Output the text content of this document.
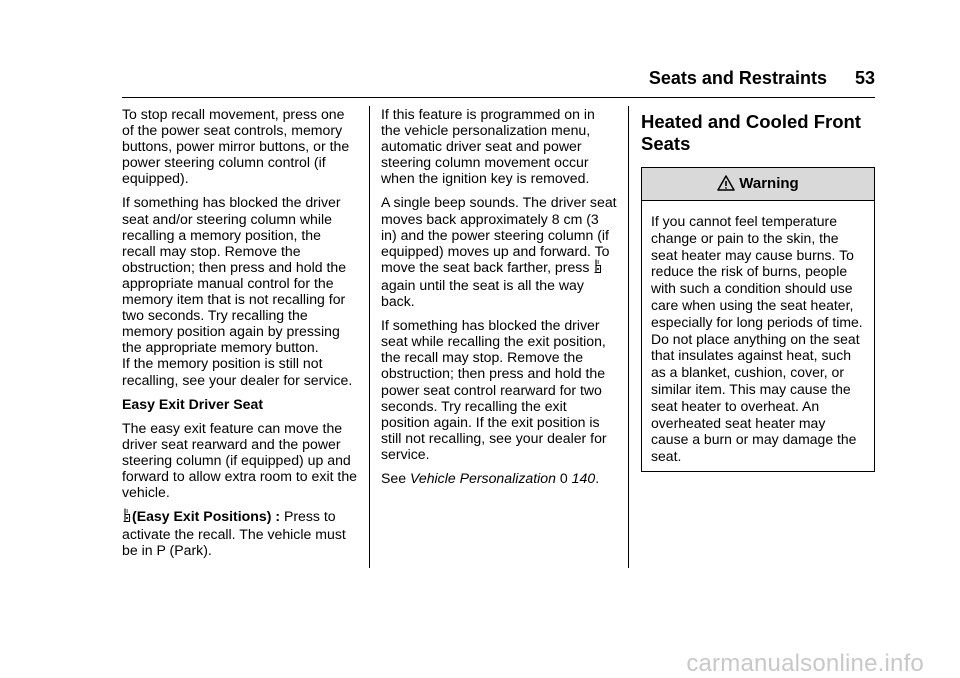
Seats and Restraints 53

To stop recall movement, press one of the power seat controls, memory buttons, power mirror buttons, or the power steering column control (if equipped).

If something has blocked the driver seat and/or steering column while recalling a memory position, the recall may stop. Remove the obstruction; then press and hold the appropriate manual control for the memory item that is not recalling for two seconds. Try recalling the memory position again by pressing the appropriate memory button.

If the memory position is still not recalling, see your dealer for service.

Easy Exit Driver Seat

The easy exit feature can move the driver seat rearward and the power steering column (if equipped) up and forward to allow extra room to exit the vehicle.

(Easy Exit Positions) : Press to activate the recall. The vehicle must be in P (Park).

If this feature is programmed on in the vehicle personalization menu, automatic driver seat and power steering column movement occur when the ignition key is removed.

A single beep sounds. The driver seat moves back approximately 8 cm (3 in) and the power steering column (if equipped) moves up and forward. To move the seat back farther, press  again until the seat is all the way back.

If something has blocked the driver seat while recalling the exit position, the recall may stop. Remove the obstruction; then press and hold the power seat control rearward for two seconds. Try recalling the exit position again. If the exit position is still not recalling, see your dealer for service.

See Vehicle Personalization 0 140.

Heated and Cooled Front Seats
Warning

If you cannot feel temperature change or pain to the skin, the seat heater may cause burns. To reduce the risk of burns, people with such a condition should use care when using the seat heater, especially for long periods of time. Do not place anything on the seat that insulates against heat, such as a blanket, cushion, cover, or similar item. This may cause the seat heater to overheat. An overheated seat heater may cause a burn or may damage the seat.

carmanualsonline.info
